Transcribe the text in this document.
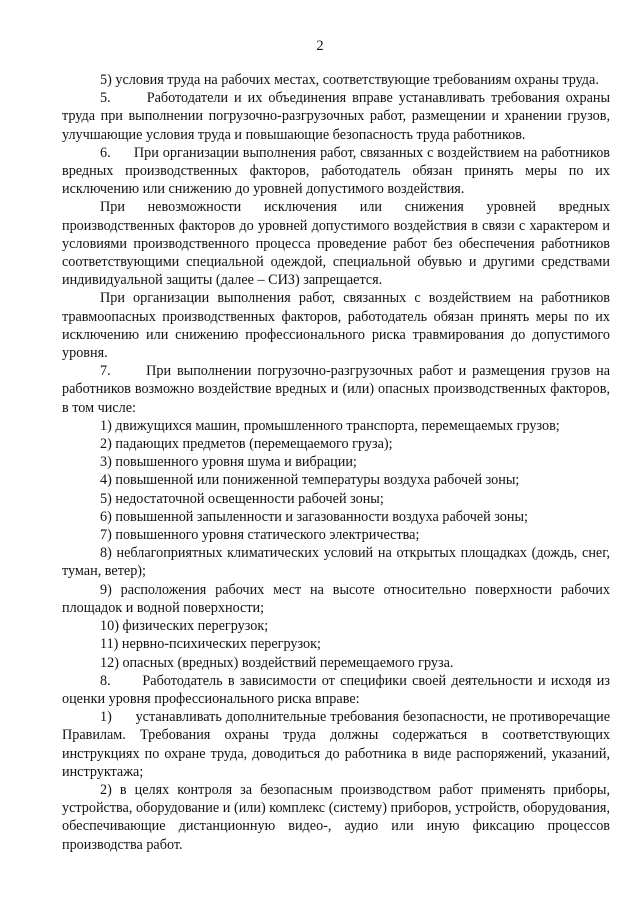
2

5) условия труда на рабочих местах, соответствующие требованиям охраны труда.

5.      Работодатели и их объединения вправе устанавливать требования охраны труда при выполнении погрузочно-разгрузочных работ, размещении и хранении грузов, улучшающие условия труда и повышающие безопасность труда работников.

6.      При организации выполнения работ, связанных с воздействием на работников вредных производственных факторов, работодатель обязан принять меры по их исключению или снижению до уровней допустимого воздействия.

При невозможности исключения или снижения уровней вредных производственных факторов до уровней допустимого воздействия в связи с характером и условиями производственного процесса проведение работ без обеспечения работников соответствующими специальной одеждой, специальной обувью и другими средствами индивидуальной защиты (далее – СИЗ) запрещается.

При организации выполнения работ, связанных с воздействием на работников травмоопасных производственных факторов, работодатель обязан принять меры по их исключению или снижению профессионального риска травмирования до допустимого уровня.

7.      При выполнении погрузочно-разгрузочных работ и размещения грузов на работников возможно воздействие вредных и (или) опасных производственных факторов, в том числе:

1) движущихся машин, промышленного транспорта, перемещаемых грузов;

2) падающих предметов (перемещаемого груза);

3) повышенного уровня шума и вибрации;

4) повышенной или пониженной температуры воздуха рабочей зоны;

5) недостаточной освещенности рабочей зоны;

6) повышенной запыленности и загазованности воздуха рабочей зоны;

7) повышенного уровня статического электричества;

8) неблагоприятных климатических условий на открытых площадках (дождь, снег, туман, ветер);

9) расположения рабочих мест на высоте относительно поверхности рабочих площадок и водной поверхности;

10) физических перегрузок;

11) нервно-психических перегрузок;

12) опасных (вредных) воздействий перемещаемого груза.

8.      Работодатель в зависимости от специфики своей деятельности и исходя из оценки уровня профессионального риска вправе:

1)      устанавливать дополнительные требования безопасности, не противоречащие Правилам. Требования охраны труда должны содержаться в соответствующих инструкциях по охране труда, доводиться до работника в виде распоряжений, указаний, инструктажа;

2) в целях контроля за безопасным производством работ применять приборы, устройства, оборудование и (или) комплекс (систему) приборов, устройств, оборудования, обеспечивающие дистанционную видео-, аудио или иную фиксацию процессов производства работ.
